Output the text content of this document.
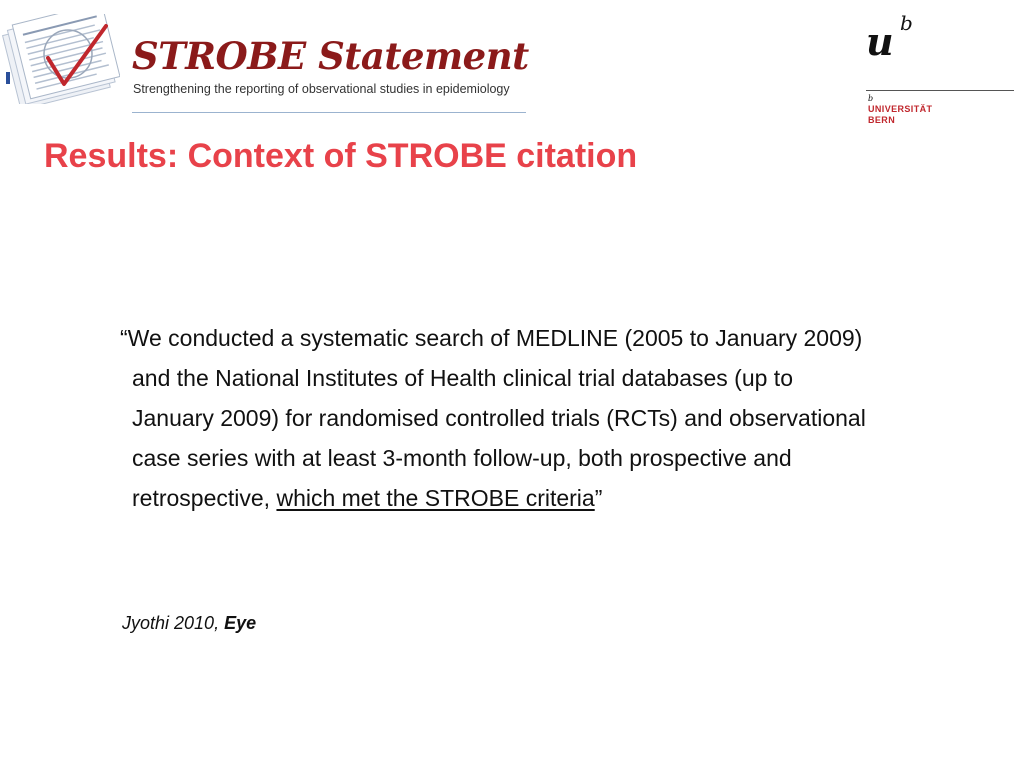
STROBE Statement

Strengthening the reporting of observational studies in epidemiology

u b
b
UNIVERSITÄT
BERN
Results: Context of STROBE citation

“We conducted a systematic search of MEDLINE (2005 to January 2009) and the National Institutes of Health clinical trial databases (up to January 2009) for randomised controlled trials (RCTs) and observational case series with at least 3-month follow-up, both prospective and retrospective, which met the STROBE criteria”

Jyothi 2010, Eye
